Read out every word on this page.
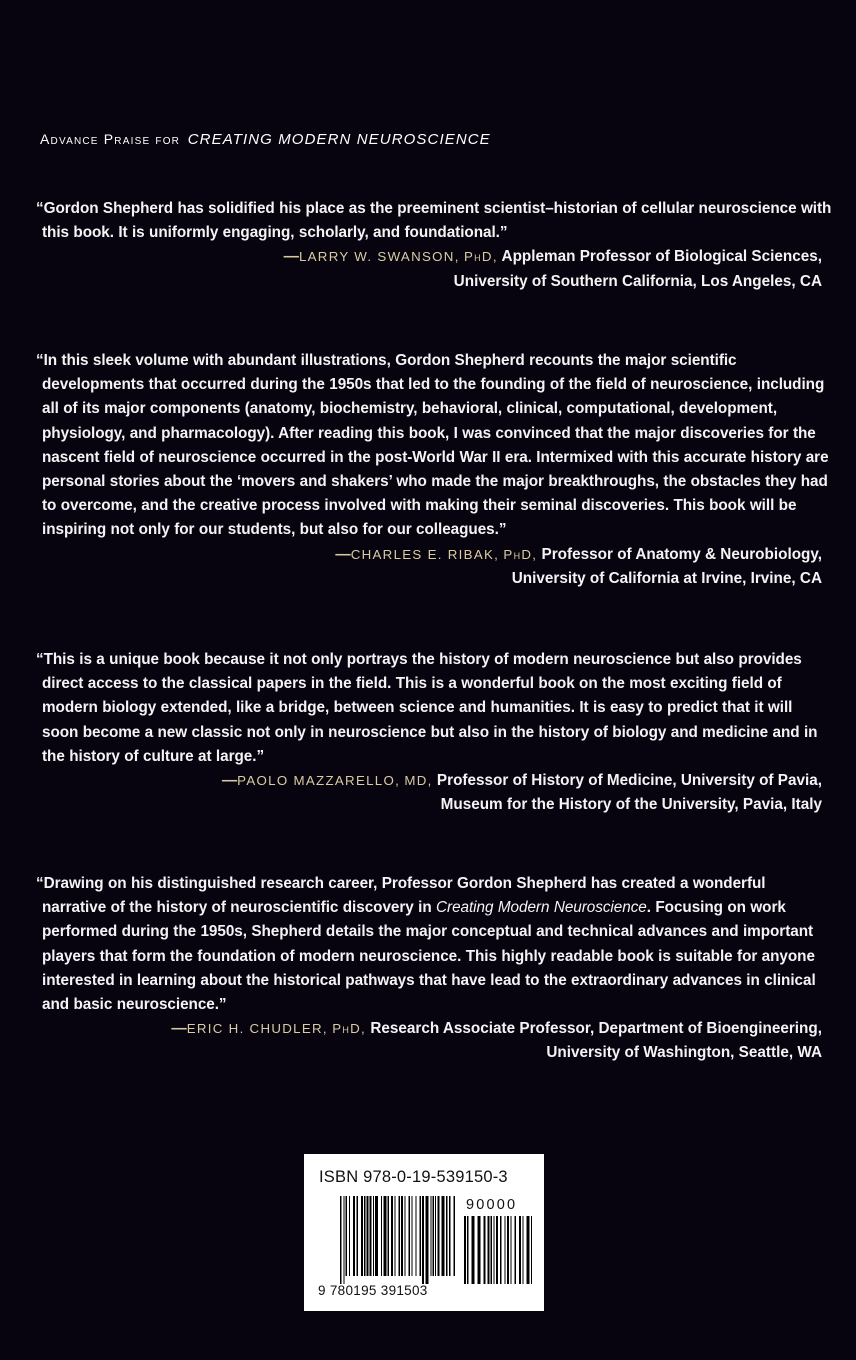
Advance Praise for CREATING MODERN NEUROSCIENCE

“Gordon Shepherd has solidified his place as the preeminent scientist–historian of cellular neuroscience with this book. It is uniformly engaging, scholarly, and foundational.”

—LARRY W. SWANSON, PhD, Appleman Professor of Biological Sciences,
University of Southern California, Los Angeles, CA

“In this sleek volume with abundant illustrations, Gordon Shepherd recounts the major scientific developments that occurred during the 1950s that led to the founding of the field of neuroscience, including all of its major components (anatomy, biochemistry, behavioral, clinical, computational, development, physiology, and pharmacology). After reading this book, I was convinced that the major discoveries for the nascent field of neuroscience occurred in the post-World War II era. Intermixed with this accurate history are personal stories about the ‘movers and shakers’ who made the major breakthroughs, the obstacles they had to overcome, and the creative process involved with making their seminal discoveries. This book will be inspiring not only for our students, but also for our colleagues.”

—CHARLES E. RIBAK, PhD, Professor of Anatomy & Neurobiology,
University of California at Irvine, Irvine, CA

“This is a unique book because it not only portrays the history of modern neuroscience but also provides direct access to the classical papers in the field. This is a wonderful book on the most exciting field of modern biology extended, like a bridge, between science and humanities. It is easy to predict that it will soon become a new classic not only in neuroscience but also in the history of biology and medicine and in the history of culture at large.”

—PAOLO MAZZARELLO, MD, Professor of History of Medicine, University of Pavia,
Museum for the History of the University, Pavia, Italy

“Drawing on his distinguished research career, Professor Gordon Shepherd has created a wonderful narrative of the history of neuroscientific discovery in Creating Modern Neuroscience. Focusing on work performed during the 1950s, Shepherd details the major conceptual and technical advances and important players that form the foundation of modern neuroscience. This highly readable book is suitable for anyone interested in learning about the historical pathways that have lead to the extraordinary advances in clinical and basic neuroscience.”

—ERIC H. CHUDLER, PhD, Research Associate Professor, Department of Bioengineering,
University of Washington, Seattle, WA

ISBN 978-0-19-539150-3
90000
9 780195 391503
